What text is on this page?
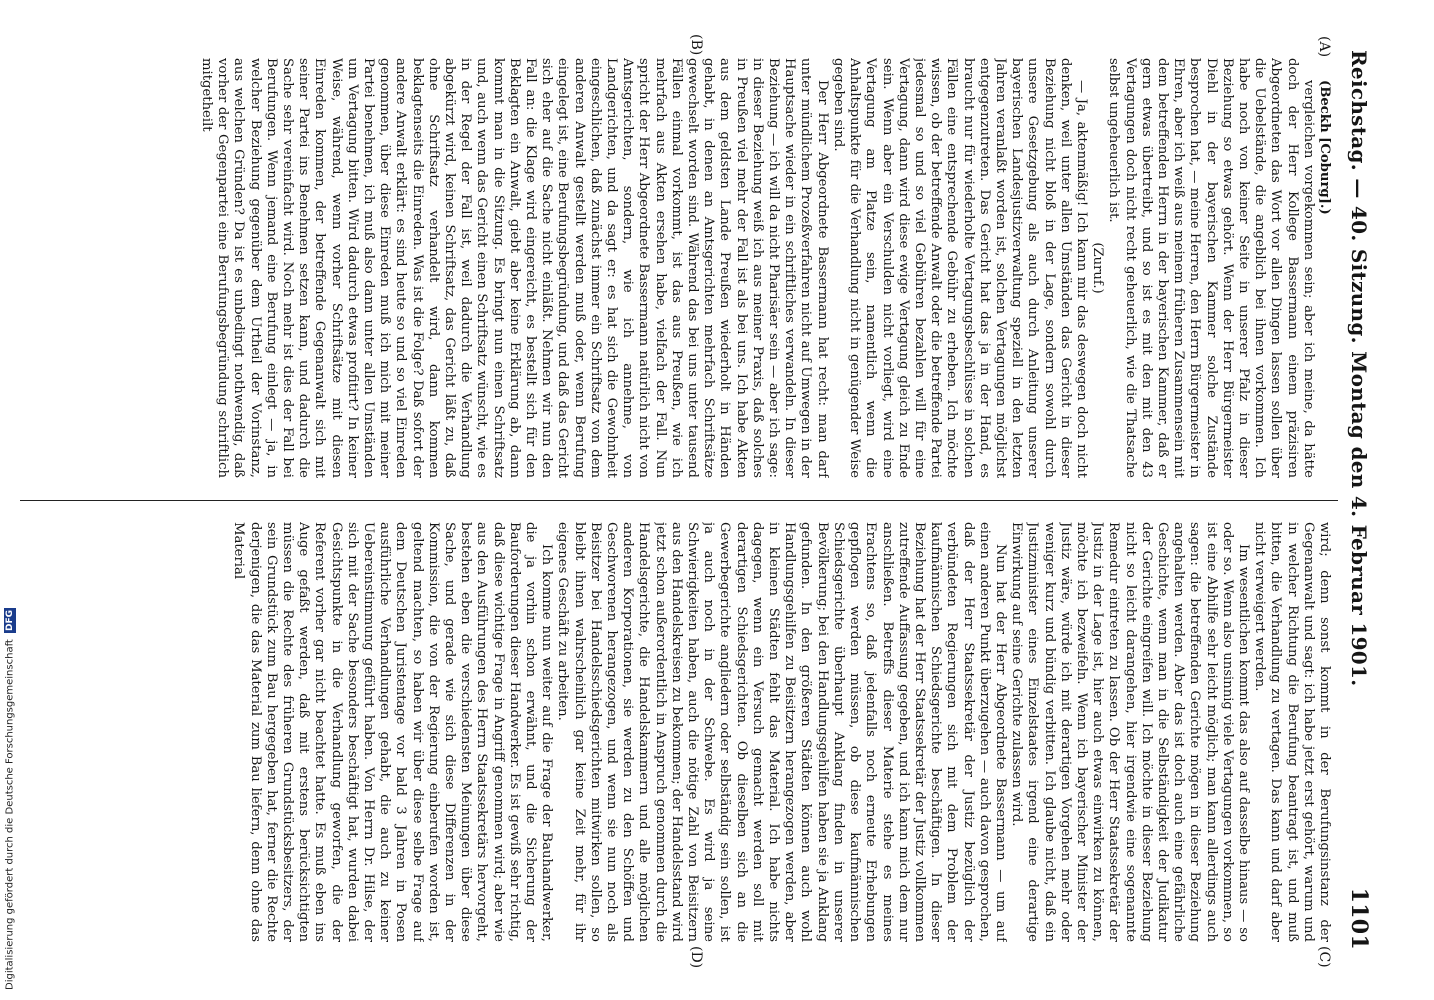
Reichstag. — 40. Sitzung. Montag den 4. Februar 1901.
1101
(A)
(B)
(C)
(D)

(Beckh [Coburg].)

vergleichen vorgekommen sein; aber ich meine, da hätte doch der Herr Kollege Bassermann einem präzisiren Abgeordneten das Wort vor allen Dingen lassen sollen über die Uebelstände, die angeblich bei ihnen vorkommen. Ich habe noch von keiner Seite in unserer Pfalz in dieser Beziehung so etwas gehört. Wenn der Herr Bürgermeister Diehl in der bayerischen Kammer solche Zustände besprochen hat, — meine Herren, den Herrn Bürgermeister in Ehren, aber ich weiß aus meinem früheren Zusammensein mit dem betreffenden Herrn in der bayerischen Kammer, daß er gern etwas übertreibt, und so ist es mit den mit den 43 Vertagungen doch nicht recht geheuerlich, wie die Thatsache selbst ungeheuerlich ist.

(Zuruf.)

— Ja, aktenmäßig! Ich kann mir das deswegen doch nicht denken, weil unter allen Umständen das Gericht in dieser Beziehung nicht bloß in der Lage, sondern sowohl durch unsere Gesetzgebung als auch durch Anleitung unserer bayerischen Landesjustizverwaltung speziell in den letzten Jahren veranlaßt worden ist, solchen Vertagungen möglichst entgegenzutreten. Das Gericht hat das ja in der Hand, es braucht nur für wiederholte Vertagungsbeschlüsse in solchen Fällen eine entsprechende Gebühr zu erheben. Ich möchte wissen, ob der betreffende Anwalt oder die betreffende Partei jedesmal so und so viel Gebühren bezahlen will für eine Vertagung, dann wird diese ewige Vertagung gleich zu Ende sein. Wenn aber ein Verschulden nicht vorliegt, wird eine Vertagung am Platze sein, namentlich wenn die Anhaltspunkte für die Verhandlung nicht in genügender Weise gegeben sind.

Der Herr Abgeordnete Bassermann hat recht: man darf unter mündlichem Prozeßverfahren nicht auf Umwegen in der Hauptsache wieder in ein schriftliches verwandeln. In dieser Beziehung — ich will da nicht Pharisäer sein — aber ich sage: in dieser Beziehung weiß ich aus meiner Praxis, daß solches in Preußen viel mehr der Fall ist als bei uns. Ich habe Akten aus dem geldsten Lande Preußen wiederholt in Händen gehabt, in denen an Amtsgerichten mehrfach Schriftsätze gewechselt worden sind. Während das bei uns unter tausend Fällen einmal vorkommt, ist das aus Preußen, wie ich mehrfach aus Akten ersehen habe, vielfach der Fall. Nun spricht der Herr Abgeordnete Bassermann natürlich nicht von Amtsgerichten, sondern, wie ich annehme, von Landgerichten, und da sagt er: es hat sich die Gewohnheit eingeschlichen, daß zunächst immer ein Schriftsatz von dem anderen Anwalt gestellt werden muß oder, wenn Berufung eingelegt ist, eine Berufungsbegründung, und daß das Gericht sich eher auf die Sache nicht einläßt. Nehmen wir nun den Fall an: die Klage wird eingereicht, es bestellt sich für den Beklagten ein Anwalt, giebt aber keine Erklärung ab, dann kommt man in die Sitzung. Es bringt nun einen Schriftsatz und, auch wenn das Gericht einen Schriftsatz wünscht, wie es in der Regel der Fall ist, weil dadurch die Verhandlung abgekürzt wird, keinen Schriftsatz, das Gericht läßt zu, daß ohne Schriftsatz verhandelt wird, dann kommen beklagtenseits die Einreden. Was ist die Folge? Daß sofort der andere Anwalt erklärt: es sind heute so und so viel Einreden genommen, über diese Einreden muß ich mich mit meiner Partei benehmen, ich muß also dann unter allen Umständen um Vertagung bitten. Wird dadurch etwas profitirt? In keiner Weise, während, wenn vorher Schriftsätze mit diesen Einreden kommen, der betreffende Gegenanwalt sich mit seiner Partei ins Benehmen setzen kann, und dadurch die Sache sehr vereinfacht wird. Noch mehr ist dies der Fall bei Berufungen. Wenn jemand eine Berufung einlegt — ja, in welcher Beziehung gegenüber dem Urtheil der Vorinstanz, aus welchen Gründen? Da ist es unbedingt nothwendig, daß vorher der Gegenpartei eine Berufungsbegründung schriftlich mitgetheilt

wird; denn sonst kommt in der Berufungsinstanz der Gegenanwalt und sagt: ich habe jetzt erst gehört, warum und in welcher Richtung die Berufung beantragt ist, und muß bitten, die Verhandlung zu vertagen. Das kann und darf aber nicht verweigert werden.

Im wesentlichen kommt das also auf dasselbe hinaus — so oder so. Wenn also unsinnig viele Vertagungen vorkommen, so ist eine Abhilfe sehr leicht möglich; man kann allerdings auch sagen: die betreffenden Gerichte mögen in dieser Beziehung angehalten werden. Aber das ist doch auch eine gefährliche Geschichte, wenn man in die Selbständigkeit der Judikatur der Gerichte eingreifen will. Ich möchte in dieser Beziehung nicht so leicht darangehen, hier irgendwie eine sogenannte Remedur eintreten zu lassen. Ob der Herr Staatssekretär der Justiz in der Lage ist, hier auch etwas einwirken zu können, möchte ich bezweifeln. Wenn ich bayerischer Minister der Justiz wäre, würde ich mit derartigen Vorgehen mehr oder weniger kurz und bündig verbitten. Ich glaube nicht, daß ein Justizminister eines Einzelstaates irgend eine derartige Einwirkung auf seine Gerichte zulassen wird.

Nun hat der Herr Abgeordnete Bassermann — um auf einen anderen Punkt überzugehen — auch davon gesprochen, daß der Herr Staatssekretär der Justiz bezüglich der verbündeten Regierungen sich mit dem Problem der kaufmännischen Schiedsgerichte beschäftigen. In dieser Beziehung hat der Herr Staatssekretär der Justiz vollkommen zutreffende Auffassung gegeben, und ich kann mich dem nur anschließen. Betreffs dieser Materie stehe es meines Erachtens so, daß jedenfalls noch erneute Erhebungen gepflogen werden müssen, ob diese kaufmännischen Schiedsgerichte überhaupt Anklang finden in unserer Bevölkerung; bei den Handlungsgehilfen haben sie ja Anklang gefunden. In den größeren Städten können auch wohl Handlungsgehilfen zu Beisitzern herangezogen werden, aber in kleinen Städten fehlt das Material. Ich habe nichts dagegen, wenn ein Versuch gemacht werden soll mit derartigen Schiedsgerichten. Ob dieselben sich an die Gewerbegerichte angliedern oder selbständig sein sollen, ist ja auch noch in der Schwebe. Es wird ja seine Schwierigkeiten haben, auch die nötige Zahl von Beisitzern aus den Handelskreisen zu bekommen; der Handelsstand wird jetzt schon außerordentlich in Anspruch genommen durch die Handelsgerichte, die Handelskammern und alle möglichen anderen Korporationen, sie werden zu den Schöffen und Geschworenen herangezogen, und wenn sie nun noch als Beisitzer bei Handelsschiedsgerichten mitwirken sollen, so bleibt ihnen wahrscheinlich gar keine Zeit mehr, für ihr eigenes Geschäft zu arbeiten.

Ich komme nun weiter auf die Frage der Bauhandwerker, die ja vorhin schon erwähnt, und die Sicherung der Bauforderungen dieser Handwerker. Es ist gewiß sehr richtig, daß diese wichtige Frage in Angriff genommen wird; aber wie aus den Ausführungen des Herrn Staatssekretärs hervorgeht, bestehen eben die verschiedensten Meinungen über diese Sache, und gerade wie sich diese Differenzen in der Kommission, die von der Regierung einberufen worden ist, geltend machten, so haben wir über diese selbe Frage auf dem Deutschen Juristentage vor bald 3 Jahren in Posen ausführliche Verhandlungen gehabt, die auch zu keiner Uebereinstimmung geführt haben. Von Herrn Dr. Hilse, der sich mit der Sache besonders beschäftigt hat, wurden dabei Gesichtspunkte in die Verhandlung geworfen, die der Referent vorher gar nicht beachtet hatte. Es muß eben ins Auge gefaßt werden, daß mit erstens berücksichtigten müssen die Rechte des früheren Grundstücksbesitzers, der sein Grundstück zum Bau hergegeben hat, ferner die Rechte derjenigen, die das Material zum Bau liefern, denn ohne das Material

Digitalisierung gefördert durch die Deutsche Forschungsgemeinschaft
DFG
